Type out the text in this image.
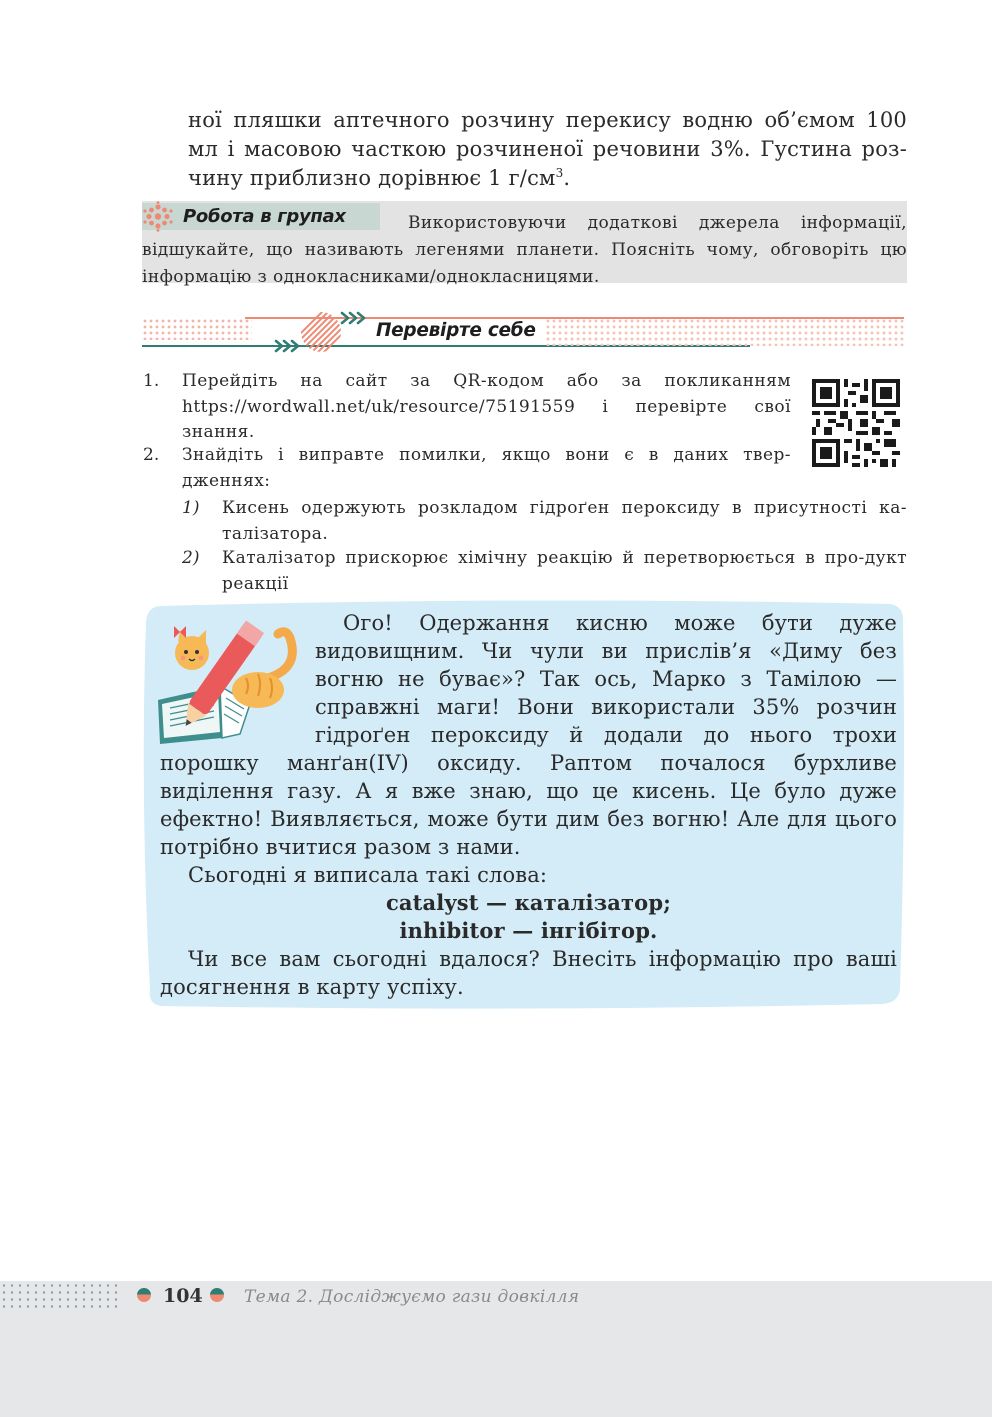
ної пляшки аптечного розчину перекису водню об’ємом 100
мл і масовою часткою розчиненої речовини 3%. Густина роз-
чину приблизно дорівнює 1 $г/см^3$.
Робота в групах	Використовуючи додаткові джерела інформації, відшукайте, що називають легенями планети. Поясніть чому, обговоріть цю інформацію з однокласниками/однокласницями.
Перевірте себе
1. Перейдіть на сайт за QR-кодом або за покликанням https://wordwall.net/uk/resource/75191559 і перевірте свої знання.
2. Знайдіть і виправте помилки, якщо вони є в даних твер-дженнях:
1) Кисень одержують розкладом гідроґен пероксиду в присутності ка-талізатора.
2) Каталізатор прискорює хімічну реакцію й перетворюється в про-дукт реакції
Ого! Одержання кисню може бути дуже видовищним. Чи чули ви прислів’я «Диму без вогню не буває»? Так ось, Марко з Тамілою — справжні маги! Вони використали 35% розчин гідроґен пероксиду й додали до нього трохи порошку манґан(IV) оксиду. Раптом почалося бурхливе виділення газу. А я вже знаю, що це кисень. Це було дуже ефектно! Виявляється, може бути дим без вогню! Але для цього потрібно вчитися разом з нами.
Сьогодні я виписала такі слова:
catalyst — каталізатор;
inhibitor — інгібітор.
Чи все вам сьогодні вдалося? Внесіть інформацію про ваші досягнення в карту успіху.
104 Тема 2. Досліджуємо гази довкілля
